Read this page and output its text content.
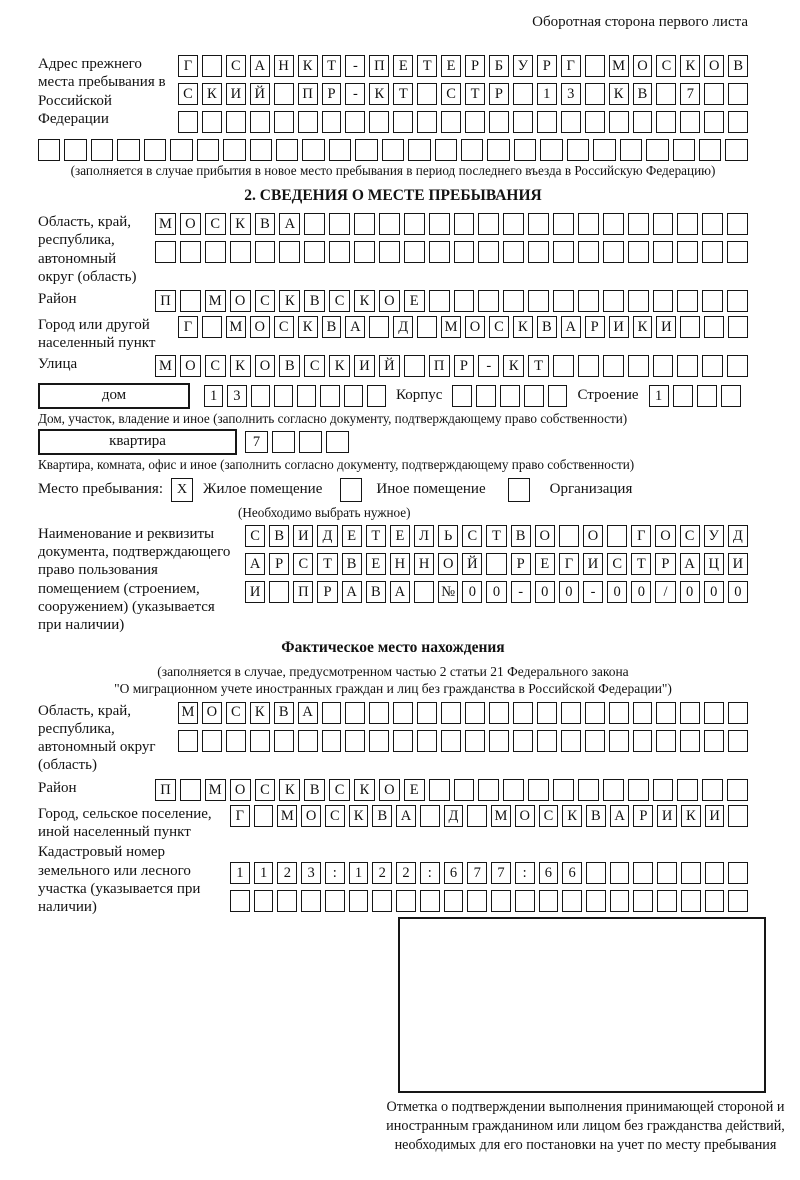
Оборотная сторона первого листа
Адрес прежнего места пребывания в Российской Федерации
Г	С А Н К	Т	-	П Е	Т	Е	Р	Б	У	Р	Г	М О С К О В
С К И Й	П	Р	-	К	Т	С	Т	Р	1	3	К В	7
(заполняется в случае прибытия в новое место пребывания в период последнего въезда в Российскую Федерацию)
2. СВЕДЕНИЯ О МЕСТЕ ПРЕБЫВАНИЯ
Область, край, республика, автономный округ (область)
М О	С	К	В	А
Район	П	М О	С	К	В	С	К	О	Е
Город или другой населенный пункт
Г	М О С К В А	Д	М О С К В А	Р	И К И
Улица	М О	С	К	О	В	С	К	И Й	П	Р	-	К	Т
дом	1	3	Корпус	Строение	1
Дом, участок, владение и иное (заполнить согласно документу, подтверждающему право собственности)
квартира	7
Квартира, комната, офис и иное (заполнить согласно документу, подтверждающему право собственности)
Место пребывания: X	Жилое помещение	Иное помещение	Организация
(Необходимо выбрать нужное)
Наименование и реквизиты документа, подтверждающего право пользования помещением (строением, сооружением) (указывается при наличии)
С В И Д	Е	Т	Е	Л	Ь	С	Т	В О	О	Г	О С У Д
А	Р	С	Т	В	Е Н Н О Й	Р	Е	Г	И С	Т	Р	А Ц И
И	П	Р	А В А	№ 0	0	-	0	0	-	0	0	/	0	0	0
Фактическое место нахождения
(заполняется в случае, предусмотренном частью 2 статьи 21 Федерального закона
"О миграционном учете иностранных граждан и лиц без гражданства в Российской Федерации")
Область, край, республика, автономный округ (область)
М О С К В А
Район	П	М О	С	К	В	С	К	О	Е
Город, сельское поселение, иной населенный пункт
Г	М О С К В А	Д	М О С К В А Р И К И
Кадастровый номер земельного или лесного участка (указывается при наличии)
1	1	2	3	:	1	2	2	:	6	7	7	:	6	6
Отметка о подтверждении выполнения принимающей стороной и иностранным гражданином или лицом без гражданства действий, необходимых для его постановки на учет по месту пребывания
